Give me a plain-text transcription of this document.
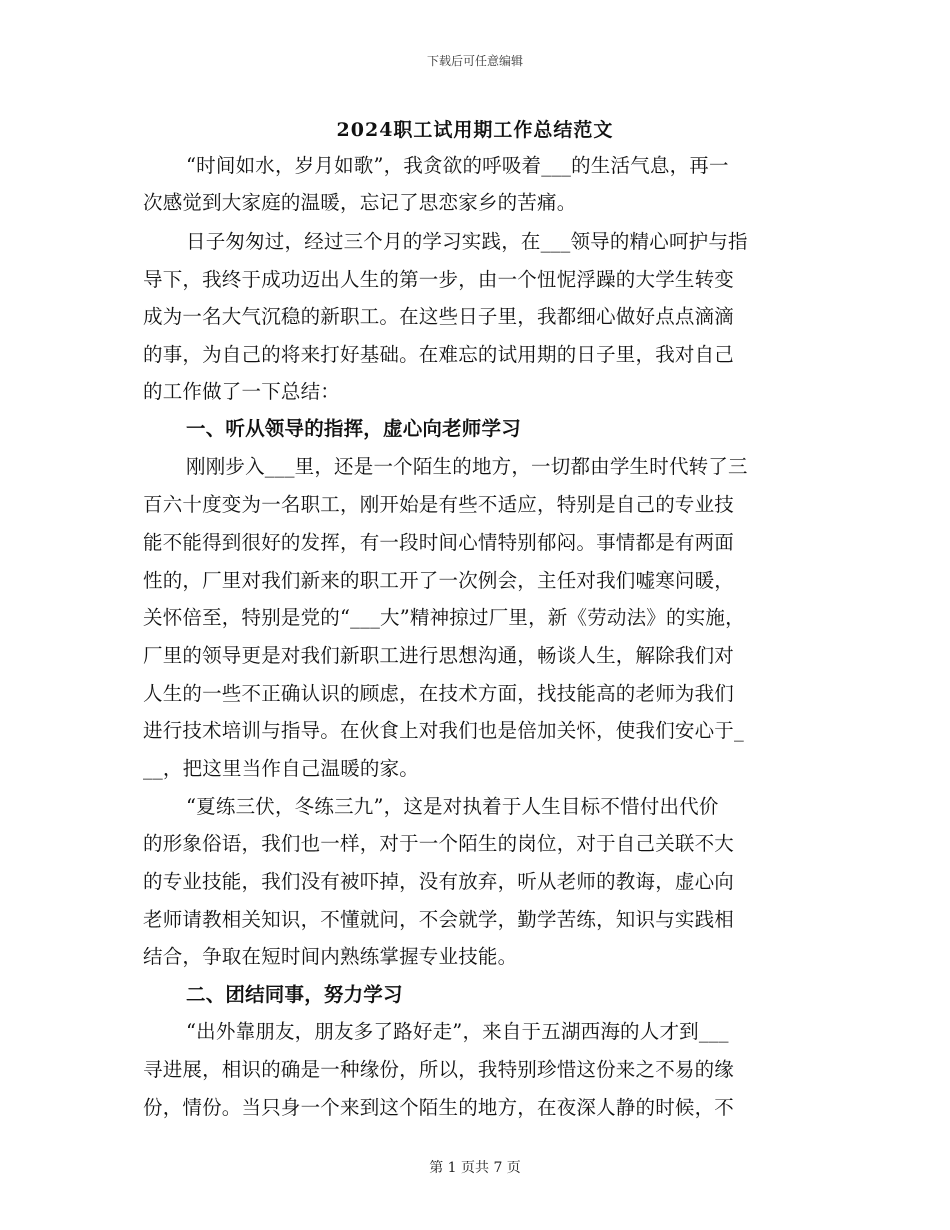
下载后可任意编辑
2024职工试用期工作总结范文
“时间如水，岁月如歌”，我贪欲的呼吸着___的生活气息，再一
次感觉到大家庭的温暖，忘记了思恋家乡的苦痛。
日子匆匆过，经过三个月的学习实践，在___领导的精心呵护与指
导下，我终于成功迈出人生的第一步，由一个忸怩浮躁的大学生转变
成为一名大气沉稳的新职工。在这些日子里，我都细心做好点点滴滴
的事，为自己的将来打好基础。在难忘的试用期的日子里，我对自己
的工作做了一下总结：
一、听从领导的指挥，虚心向老师学习
刚刚步入___里，还是一个陌生的地方，一切都由学生时代转了三
百六十度变为一名职工，刚开始是有些不适应，特别是自己的专业技
能不能得到很好的发挥，有一段时间心情特别郁闷。事情都是有两面
性的，厂里对我们新来的职工开了一次例会，主任对我们嘘寒问暖，
关怀倍至，特别是党的“___大”精神掠过厂里，新《劳动法》的实施，
厂里的领导更是对我们新职工进行思想沟通，畅谈人生，解除我们对
人生的一些不正确认识的顾虑，在技术方面，找技能高的老师为我们
进行技术培训与指导。在伙食上对我们也是倍加关怀，使我们安心于_
__，把这里当作自己温暖的家。
“夏练三伏，冬练三九”，这是对执着于人生目标不惜付出代价
的形象俗语，我们也一样，对于一个陌生的岗位，对于自己关联不大
的专业技能，我们没有被吓掉，没有放弃，听从老师的教诲，虚心向
老师请教相关知识，不懂就问，不会就学，勤学苦练，知识与实践相
结合，争取在短时间内熟练掌握专业技能。
二、团结同事，努力学习
“出外靠朋友，朋友多了路好走”，来自于五湖西海的人才到___
寻进展，相识的确是一种缘份，所以，我特别珍惜这份来之不易的缘
份，情份。当只身一个来到这个陌生的地方，在夜深人静的时候，不
第 1 页共 7 页
